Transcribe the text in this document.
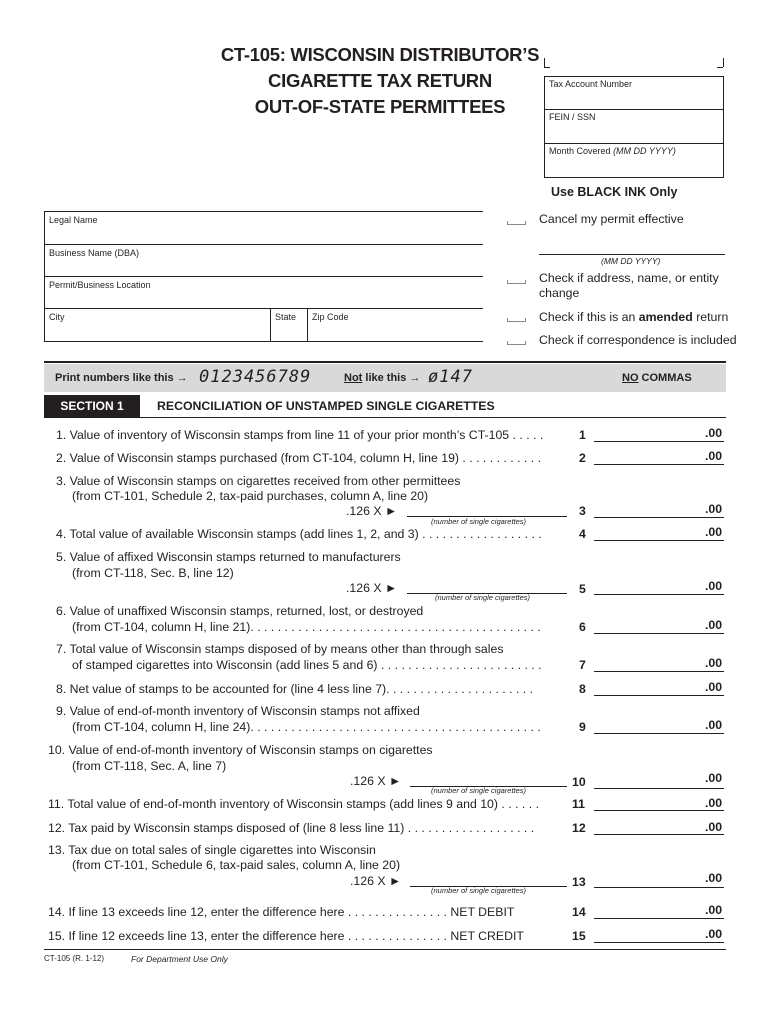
CT-105: WISCONSIN DISTRIBUTOR’S
CIGARETTE TAX RETURN
OUT-OF-STATE PERMITTEES
Tax Account Number
FEIN / SSN
Month Covered (MM DD YYYY)
Use BLACK INK Only
Legal Name
Business Name (DBA)
Permit/Business Location
City	State Zip Code
Cancel my permit effective
(MM DD YYYY)
Check if address, name, or entity
change
Check if this is an amended return
Check if correspondence is included
Print numbers like this → 0123456789	Not like this → ø147	NO COMMAS
SECTION 1	RECONCILIATION OF UNSTAMPED SINGLE CIGARETTES
1. Value of inventory of Wisconsin stamps from line 11 of your prior month’s CT-105 . . . . .	1	.00
2. Value of Wisconsin stamps purchased (from CT-104, column H, line 19) . . . . . . . . . . . .	2	.00
3. Value of Wisconsin stamps on cigarettes received from other permittees
(from CT-101, Schedule 2, tax-paid purchases, column A, line 20)
.126 X ►
(number of single cigarettes)
3	.00
4. Total value of available Wisconsin stamps (add lines 1, 2, and 3) . . . . . . . . . . . . . . . . . .	4	.00
5. Value of affixed Wisconsin stamps returned to manufacturers
(from CT-118, Sec. B, line 12)
.126 X ►
(number of single cigarettes)
5	.00
6. Value of unaffixed Wisconsin stamps, returned, lost, or destroyed
(from CT-104, column H, line 21). . . . . . . . . . . . . . . . . . . . . . . . . . . . . . . . . . . . . . . . . . .	6	.00
7. Total value of Wisconsin stamps disposed of by means other than through sales
of stamped cigarettes into Wisconsin (add lines 5 and 6) . . . . . . . . . . . . . . . . . . . . . . . .	7	.00
8. Net value of stamps to be accounted for (line 4 less line 7). . . . . . . . . . . . . . . . . . . . . .	8	.00
9. Value of end-of-month inventory of Wisconsin stamps not affixed
(from CT-104, column H, line 24). . . . . . . . . . . . . . . . . . . . . . . . . . . . . . . . . . . . . . . . . . .	9	.00
10. Value of end-of-month inventory of Wisconsin stamps on cigarettes
(from CT-118, Sec. A, line 7)
.126 X ►
(number of single cigarettes)
10	.00
11. Total value of end-of-month inventory of Wisconsin stamps (add lines 9 and 10) . . . . . .	11	.00
12. Tax paid by Wisconsin stamps disposed of (line 8 less line 11) . . . . . . . . . . . . . . . . . . .	12	.00
13. Tax due on total sales of single cigarettes into Wisconsin
(from CT-101, Schedule 6, tax-paid sales, column A, line 20)
.126 X ►
(number of single cigarettes)
13	.00
14. If line 13 exceeds line 12, enter the difference here . . . . . . . . . . . . . . . NET DEBIT	14	.00
15. If line 12 exceeds line 13, enter the difference here . . . . . . . . . . . . . . . NET CREDIT	15	.00
CT-105 (R. 1-12)	For Department Use Only
